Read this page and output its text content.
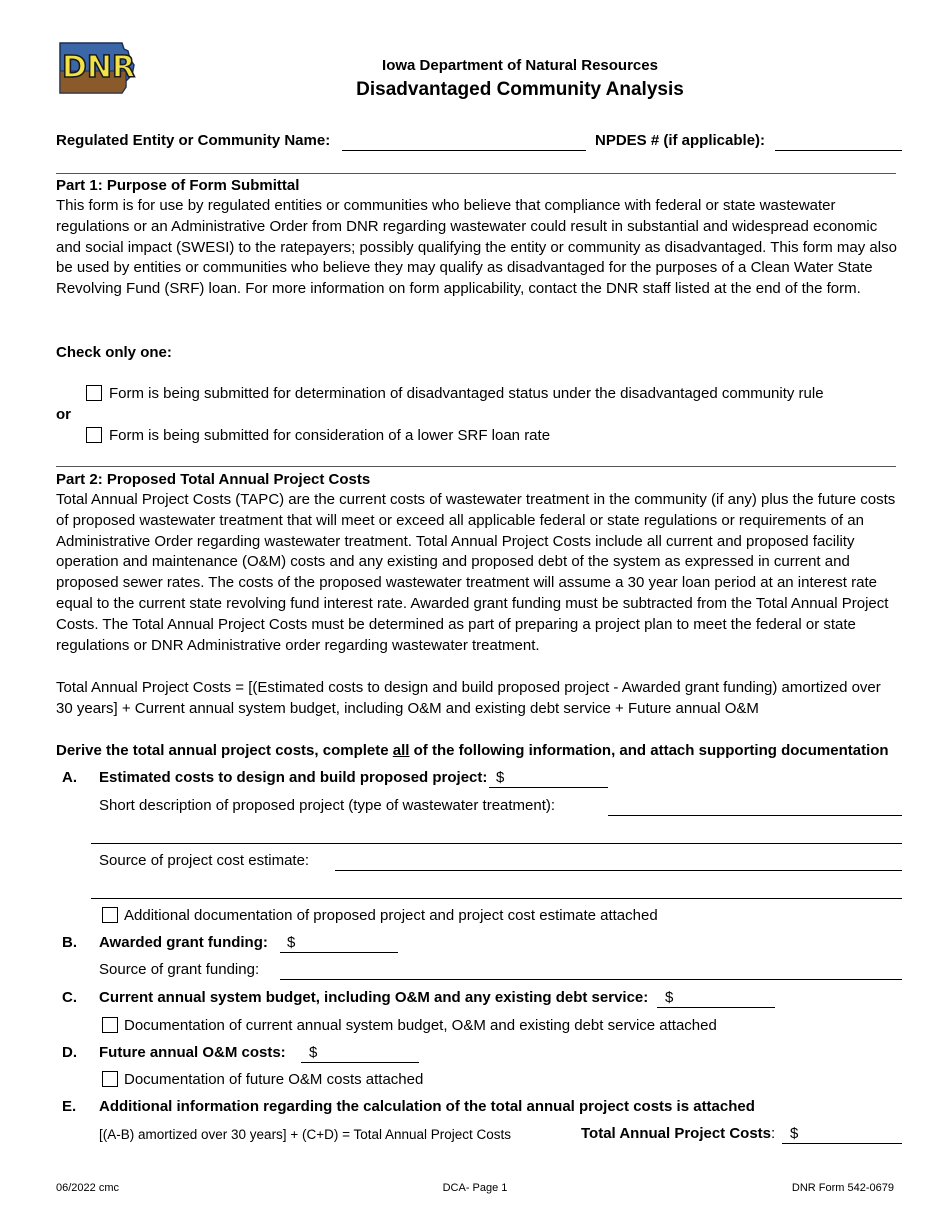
DNR	Iowa Department of Natural Resources
Disadvantaged Community Analysis
Regulated Entity or Community Name:	NPDES # (if applicable):
Part 1: Purpose of Form Submittal
This form is for use by regulated entities or communities who believe that compliance with federal or state wastewater regulations or an Administrative Order from DNR regarding wastewater could result in substantial and widespread economic and social impact (SWESI) to the ratepayers; possibly qualifying the entity or community as disadvantaged. This form may also be used by entities or communities who believe they may qualify as disadvantaged for the purposes of a Clean Water State Revolving Fund (SRF) loan. For more information on form applicability, contact the DNR staff listed at the end of the form.
Check only one:
Form is being submitted for determination of disadvantaged status under the disadvantaged community rule
or
Form is being submitted for consideration of a lower SRF loan rate
Part 2: Proposed Total Annual Project Costs
Total Annual Project Costs (TAPC) are the current costs of wastewater treatment in the community (if any) plus the future costs of proposed wastewater treatment that will meet or exceed all applicable federal or state regulations or requirements of an Administrative Order regarding wastewater treatment. Total Annual Project Costs include all current and proposed facility operation and maintenance (O&M) costs and any existing and proposed debt of the system as expressed in current and proposed sewer rates. The costs of the proposed wastewater treatment will assume a 30 year loan period at an interest rate equal to the current state revolving fund interest rate. Awarded grant funding must be subtracted from the Total Annual Project Costs. The Total Annual Project Costs must be determined as part of preparing a project plan to meet the federal or state regulations or DNR Administrative order regarding wastewater treatment.
Total Annual Project Costs = [(Estimated costs to design and build proposed project - Awarded grant funding) amortized over 30 years] + Current annual system budget, including O&M and existing debt service + Future annual O&M
Derive the total annual project costs, complete all of the following information, and attach supporting documentation
A. Estimated costs to design and build proposed project: $
Short description of proposed project (type of wastewater treatment):
Source of project cost estimate:
Additional documentation of proposed project and project cost estimate attached
B. Awarded grant funding: $
Source of grant funding:
C. Current annual system budget, including O&M and any existing debt service: $
Documentation of current annual system budget, O&M and existing debt service attached
D. Future annual O&M costs: $
Documentation of future O&M costs attached
E. Additional information regarding the calculation of the total annual project costs is attached
[(A-B) amortized over 30 years] + (C+D) = Total Annual Project Costs	Total Annual Project Costs: $
06/2022 cmc	DCA- Page 1	DNR Form 542-0679
